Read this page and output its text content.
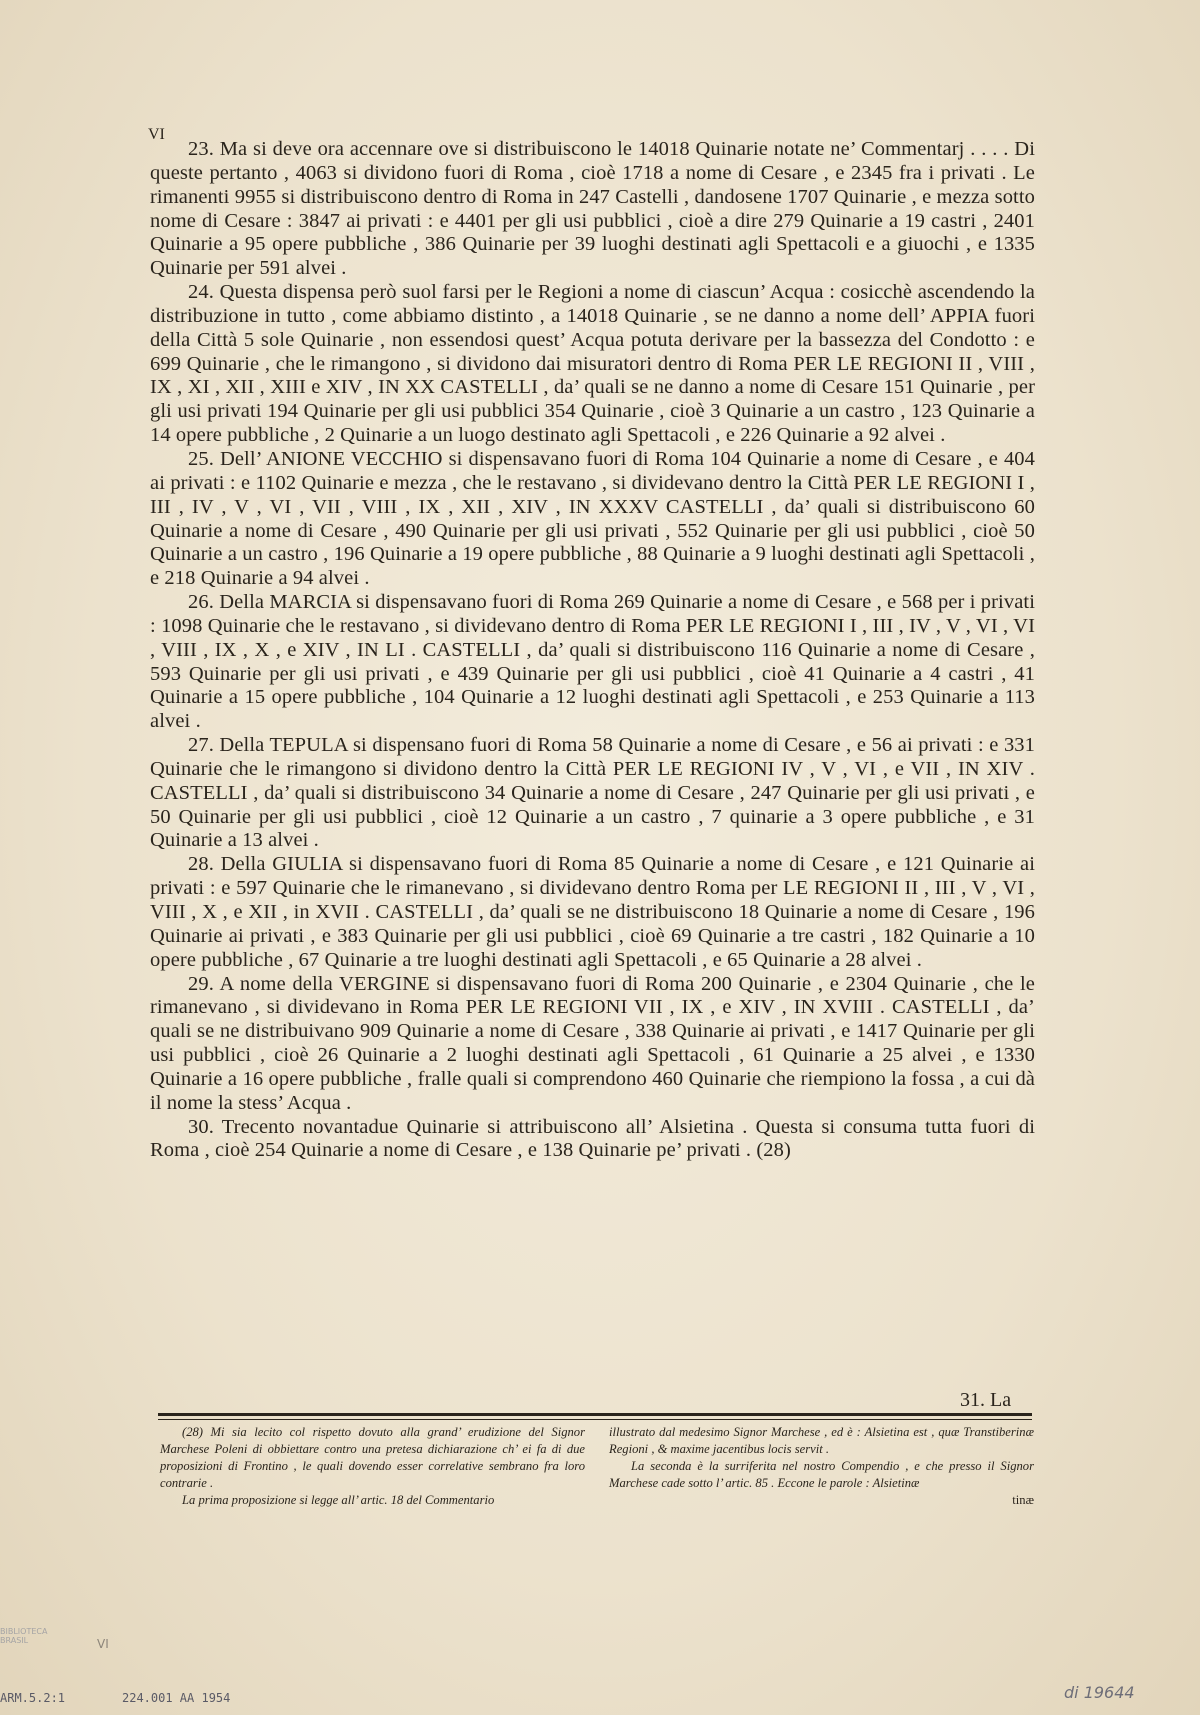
VI

23. Ma si deve ora accennare ove si distribuiscono le 14018 Quinarie notate ne’ Commentarj . . . . Di queste pertanto , 4063 si dividono fuori di Roma , cioè 1718 a nome di Cesare , e 2345 fra i privati . Le rimanenti 9955 si distribuiscono dentro di Roma in 247 Castelli , dandosene 1707 Quinarie , e mezza sotto nome di Cesare : 3847 ai privati : e 4401 per gli usi pubblici , cioè a dire 279 Quinarie a 19 castri , 2401 Quinarie a 95 opere pubbliche , 386 Quinarie per 39 luoghi destinati agli Spettacoli e a giuochi , e 1335 Quinarie per 591 alvei .

24. Questa dispensa però suol farsi per le Regioni a nome di ciascun’ Acqua : cosicchè ascendendo la distribuzione in tutto , come abbiamo distinto , a 14018 Quinarie , se ne danno a nome dell’ APPIA fuori della Città 5 sole Quinarie , non essendosi quest’ Acqua potuta derivare per la bassezza del Condotto : e 699 Quinarie , che le rimangono , si dividono dai misuratori dentro di Roma PER LE REGIONI II , VIII , IX , XI , XII , XIII e XIV , IN XX CASTELLI , da’ quali se ne danno a nome di Cesare 151 Quinarie , per gli usi privati 194 Quinarie per gli usi pubblici 354 Quinarie , cioè 3 Quinarie a un castro , 123 Quinarie a 14 opere pubbliche , 2 Quinarie a un luogo destinato agli Spettacoli , e 226 Quinarie a 92 alvei .

25. Dell’ ANIONE VECCHIO si dispensavano fuori di Roma 104 Quinarie a nome di Cesare , e 404 ai privati : e 1102 Quinarie e mezza , che le restavano , si dividevano dentro la Città PER LE REGIONI I , III , IV , V , VI , VII , VIII , IX , XII , XIV , IN XXXV CASTELLI , da’ quali si distribuiscono 60 Quinarie a nome di Cesare , 490 Quinarie per gli usi privati , 552 Quinarie per gli usi pubblici , cioè 50 Quinarie a un castro , 196 Quinarie a 19 opere pubbliche , 88 Quinarie a 9 luoghi destinati agli Spettacoli , e 218 Quinarie a 94 alvei .

26. Della MARCIA si dispensavano fuori di Roma 269 Quinarie a nome di Cesare , e 568 per i privati : 1098 Quinarie che le restavano , si dividevano dentro di Roma PER LE REGIONI I , III , IV , V , VI , VI , VIII , IX , X , e XIV , IN LI . CASTELLI , da’ quali si distribuiscono 116 Quinarie a nome di Cesare , 593 Quinarie per gli usi privati , e 439 Quinarie per gli usi pubblici , cioè 41 Quinarie a 4 castri , 41 Quinarie a 15 opere pubbliche , 104 Quinarie a 12 luoghi destinati agli Spettacoli , e 253 Quinarie a 113 alvei .

27. Della TEPULA si dispensano fuori di Roma 58 Quinarie a nome di Cesare , e 56 ai privati : e 331 Quinarie che le rimangono si dividono dentro la Città PER LE REGIONI IV , V , VI , e VII , IN XIV . CASTELLI , da’ quali si distribuiscono 34 Quinarie a nome di Cesare , 247 Quinarie per gli usi privati , e 50 Quinarie per gli usi pubblici , cioè 12 Quinarie a un castro , 7 quinarie a 3 opere pubbliche , e 31 Quinarie a 13 alvei .

28. Della GIULIA si dispensavano fuori di Roma 85 Quinarie a nome di Cesare , e 121 Quinarie ai privati : e 597 Quinarie che le rimanevano , si dividevano dentro Roma per LE REGIONI II , III , V , VI , VIII , X , e XII , in XVII . CASTELLI , da’ quali se ne distribuiscono 18 Quinarie a nome di Cesare , 196 Quinarie ai privati , e 383 Quinarie per gli usi pubblici , cioè 69 Quinarie a tre castri , 182 Quinarie a 10 opere pubbliche , 67 Quinarie a tre luoghi destinati agli Spettacoli , e 65 Quinarie a 28 alvei .

29. A nome della VERGINE si dispensavano fuori di Roma 200 Quinarie , e 2304 Quinarie , che le rimanevano , si dividevano in Roma PER LE REGIONI VII , IX , e XIV , IN XVIII . CASTELLI , da’ quali se ne distribuivano 909 Quinarie a nome di Cesare , 338 Quinarie ai privati , e 1417 Quinarie per gli usi pubblici , cioè 26 Quinarie a 2 luoghi destinati agli Spettacoli , 61 Quinarie a 25 alvei , e 1330 Quinarie a 16 opere pubbliche , fralle quali si comprendono 460 Quinarie che riempiono la fossa , a cui dà il nome la stess’ Acqua .

30. Trecento novantadue Quinarie si attribuiscono all’ Alsietina . Questa si consuma tutta fuori di Roma , cioè 254 Quinarie a nome di Cesare , e 138 Quinarie pe’ privati . (28)

31. La

(28) Mi sia lecito col rispetto dovuto alla grand’ erudizione del Signor Marchese Poleni di obbiettare contro una pretesa dichiarazione ch’ ei fa di due proposizioni di Frontino , le quali dovendo esser correlative sembrano fra loro contrarie .

La prima proposizione si legge all’ artic. 18 del Commentario

illustrato dal medesimo Signor Marchese , ed è : Alsietina est , quæ Transtiberinæ Regioni , & maxime jacentibus locis servit .

La seconda è la surriferita nel nostro Compendio , e che presso il Signor Marchese cade sotto l’ artic. 85 . Eccone le parole : Alsietinæ

tinæ

BIBLIOTECA BRASIL	VI
ARM.5.2:1	224.001 AA 1954	di 19644
